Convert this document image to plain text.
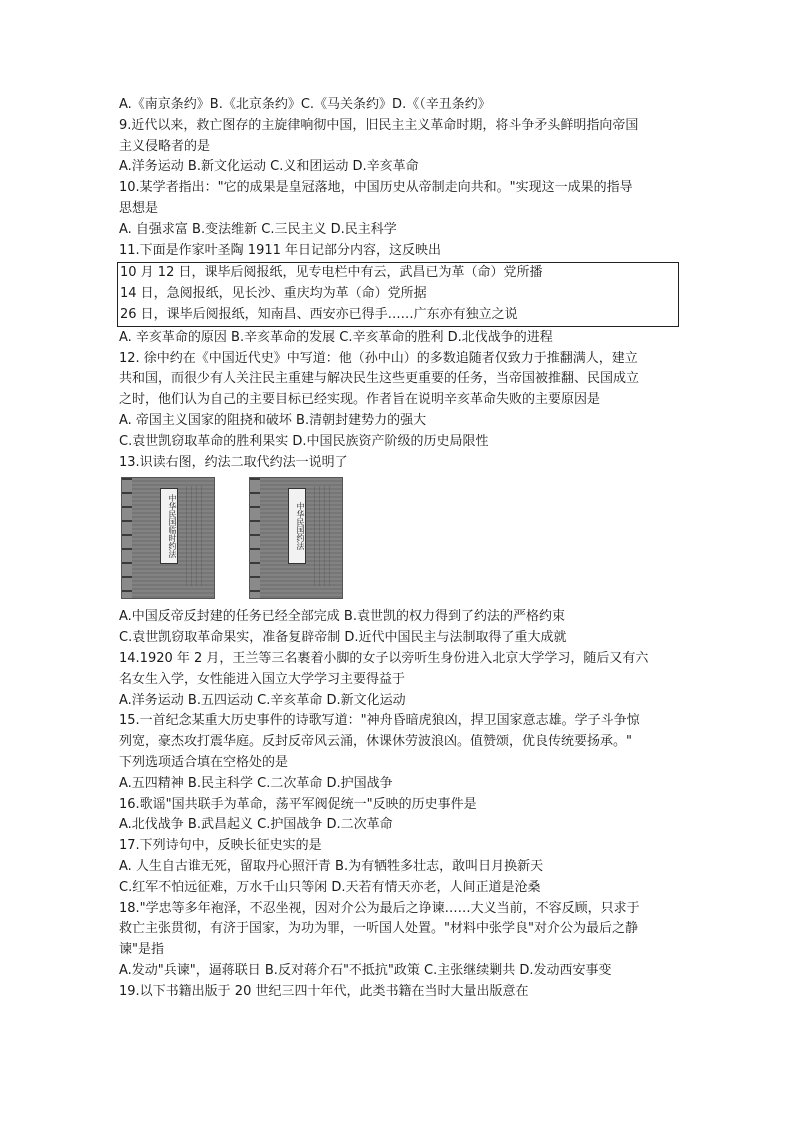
A.《南京条约》B.《北京条约》C.《马关条约》D.《（辛丑条约》
9.近代以来，救亡图存的主旋律响彻中国，旧民主主义革命时期，将斗争矛头鲜明指向帝国
主义侵略者的是
A.洋务运动 B.新文化运动 C.义和团运动 D.辛亥革命
10.某学者指出："它的成果是皇冠落地，中国历史从帝制走向共和。"实现这一成果的指导
思想是
A. 自强求富 B.变法维新 C.三民主义 D.民主科学
11.下面是作家叶圣陶 1911 年日记部分内容，这反映出
10 月 12 日，课毕后阅报纸，见专电栏中有云，武昌已为革（命）党所播
14 日，急阅报纸，见长沙、重庆均为革（命）党所据
26 日，课毕后阅报纸，知南昌、西安亦已得手……广东亦有独立之说
A. 辛亥革命的原因 B.辛亥革命的发展 C.辛亥革命的胜利 D.北伐战争的进程
12. 徐中约在《中国近代史》中写道：他（孙中山）的多数追随者仅致力于推翻满人，建立
共和国，而很少有人关注民主重建与解决民生这些更重要的任务，当帝国被推翻、民国成立
之时，他们认为自己的主要目标已经实现。作者旨在说明辛亥革命失败的主要原因是
A. 帝国主义国家的阻挠和破坏 B.清朝封建势力的强大
C.袁世凯窃取革命的胜利果实 D.中国民族资产阶级的历史局限性
13.识读右图，约法二取代约法一说明了
中华民国临时约法	中华民国约法
A.中国反帝反封建的任务已经全部完成 B.袁世凯的权力得到了约法的严格约束
C.袁世凯窃取革命果实，准备复辟帝制 D.近代中国民主与法制取得了重大成就
14.1920 年 2 月，王兰等三名裹着小脚的女子以旁听生身份进入北京大学学习，随后又有六
名女生入学，女性能进入国立大学学习主要得益于
A.洋务运动 B.五四运动 C.辛亥革命 D.新文化运动
15.一首纪念某重大历史事件的诗歌写道："神舟昏暗虎狼凶，捍卫国家意志雄。学子斗争惊
列宽，豪杰攻打震华庭。反封反帝风云涌，休课休劳波浪凶。值赞颂，优良传统要扬承。"
下列选项适合填在空格处的是
A.五四精神 B.民主科学 C.二次革命 D.护国战争
16.歌谣"国共联手为革命，荡平军阀促统一"反映的历史事件是
A.北伐战争 B.武昌起义 C.护国战争 D.二次革命
17.下列诗句中，反映长征史实的是
A. 人生自古谁无死，留取丹心照汗青 B.为有牺牲多壮志，敢叫日月换新天
C.红军不怕远征难，万水千山只等闲 D.天若有情天亦老，人间正道是沧桑
18."学忠等多年袍泽，不忍坐视，因对介公为最后之诤谏……大义当前，不容反顾，只求于
救亡主张贯彻，有济于国家，为功为罪，一听国人处置。"材料中张学良"对介公为最后之静
谏"是指
A.发动"兵谏"，逼蒋联日 B.反对蒋介石"不抵抗"政策 C.主张继续剿共 D.发动西安事变
19.以下书籍出版于 20 世纪三四十年代，此类书籍在当时大量出版意在
